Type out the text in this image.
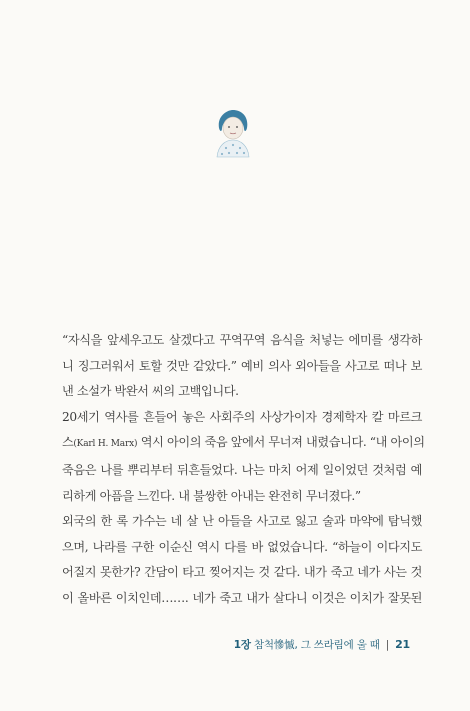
“자식을 앞세우고도 살겠다고 꾸역꾸역 음식을 처넣는 에미를 생각하
니 징그러워서 토할 것만 같았다.” 예비 의사 외아들을 사고로 떠나 보
낸 소설가 박완서 씨의 고백입니다.

20세기 역사를 흔들어 놓은 사회주의 사상가이자 경제학자 칼 마르크
스(Karl H. Marx) 역시 아이의 죽음 앞에서 무너져 내렸습니다. “내 아이의
죽음은 나를 뿌리부터 뒤흔들었다. 나는 마치 어제 일이었던 것처럼 예
리하게 아픔을 느낀다. 내 불쌍한 아내는 완전히 무너졌다.”

외국의 한 록 가수는 네 살 난 아들을 사고로 잃고 술과 마약에 탐닉했
으며, 나라를 구한 이순신 역시 다를 바 없었습니다. “하늘이 이다지도
어질지 못한가? 간담이 타고 찢어지는 것 같다. 내가 죽고 네가 사는 것
이 올바른 이치인데……. 네가 죽고 내가 살다니 이것은 이치가 잘못된

1장 참척慘慽, 그 쓰라림에 울 때 | 21
